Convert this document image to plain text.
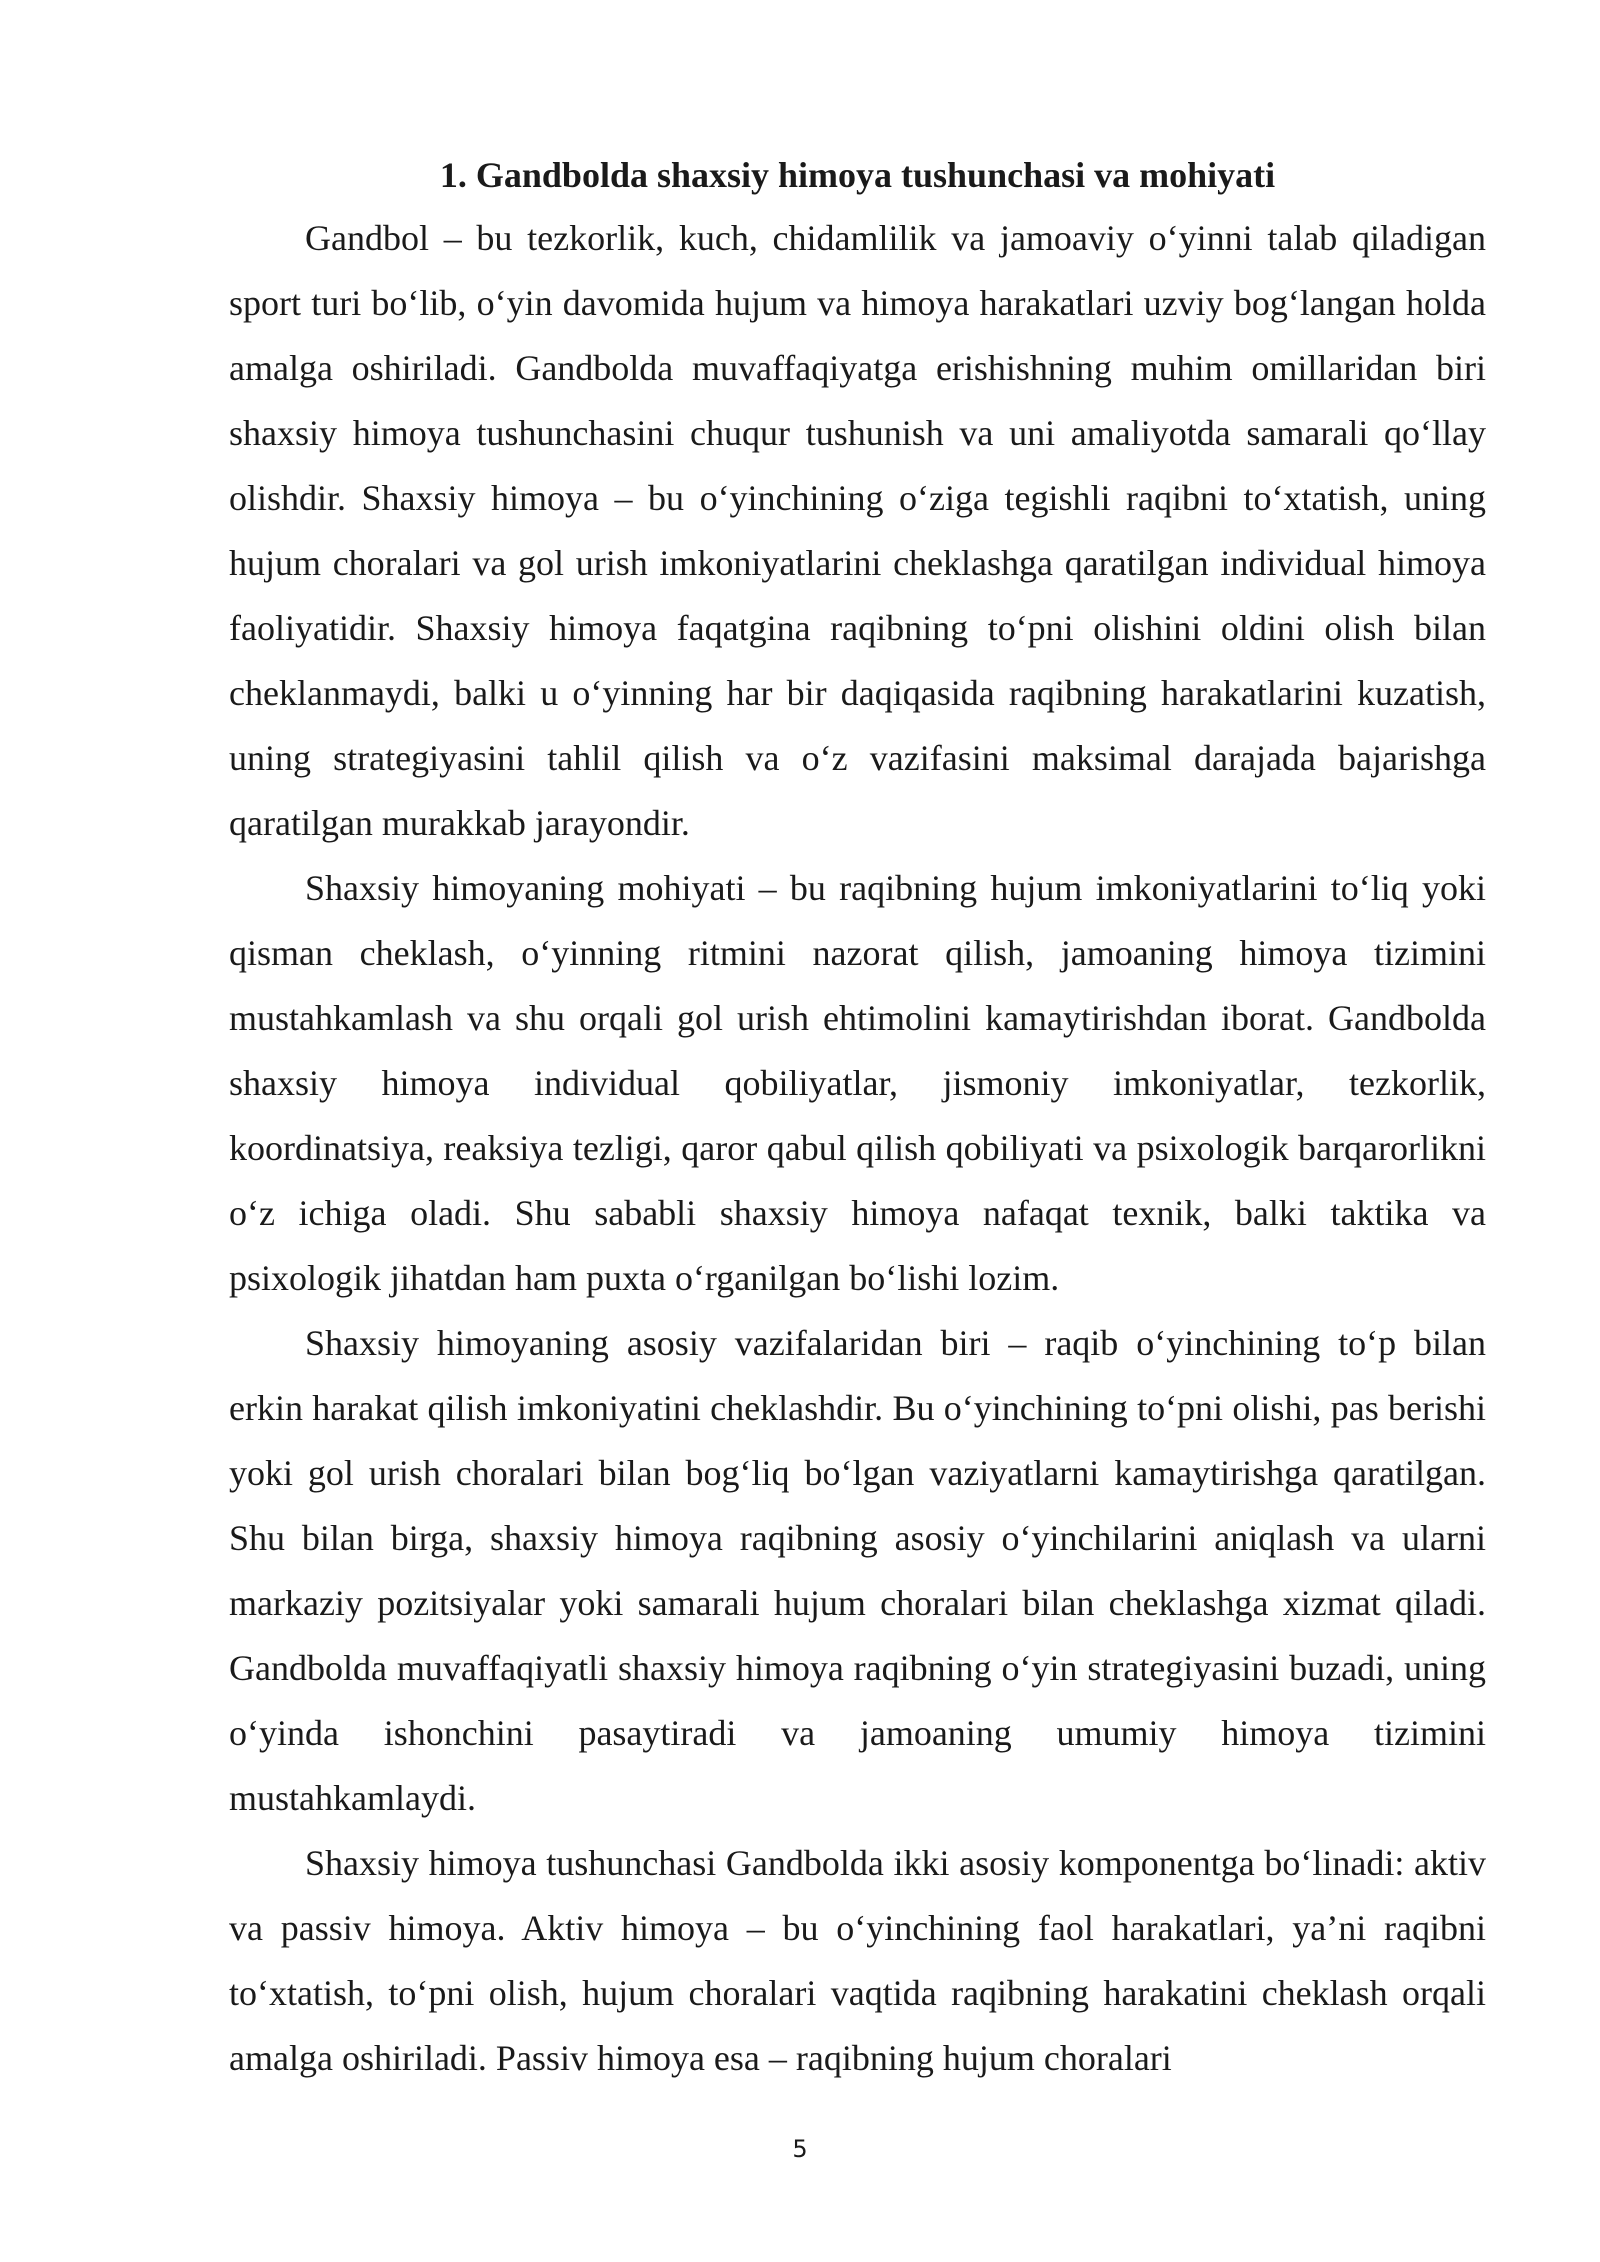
1. Gandbolda shaxsiy himoya tushunchasi va mohiyati

Gandbol – bu tezkorlik, kuch, chidamlilik va jamoaviy o‘yinni talab qiladigan sport turi bo‘lib, o‘yin davomida hujum va himoya harakatlari uzviy bog‘langan holda amalga oshiriladi. Gandbolda muvaffaqiyatga erishishning muhim omillaridan biri shaxsiy himoya tushunchasini chuqur tushunish va uni amaliyotda samarali qo‘llay olishdir. Shaxsiy himoya – bu o‘yinchining o‘ziga tegishli raqibni to‘xtatish, uning hujum choralari va gol urish imkoniyatlarini cheklashga qaratilgan individual himoya faoliyatidir. Shaxsiy himoya faqatgina raqibning to‘pni olishini oldini olish bilan cheklanmaydi, balki u o‘yinning har bir daqiqasida raqibning harakatlarini kuzatish, uning strategiyasini tahlil qilish va o‘z vazifasini maksimal darajada bajarishga qaratilgan murakkab jarayondir.

Shaxsiy himoyaning mohiyati – bu raqibning hujum imkoniyatlarini to‘liq yoki qisman cheklash, o‘yinning ritmini nazorat qilish, jamoaning himoya tizimini mustahkamlash va shu orqali gol urish ehtimolini kamaytirishdan iborat. Gandbolda shaxsiy himoya individual qobiliyatlar, jismoniy imkoniyatlar, tezkorlik, koordinatsiya, reaksiya tezligi, qaror qabul qilish qobiliyati va psixologik barqarorlikni o‘z ichiga oladi. Shu sababli shaxsiy himoya nafaqat texnik, balki taktika va psixologik jihatdan ham puxta o‘rganilgan bo‘lishi lozim.

Shaxsiy himoyaning asosiy vazifalaridan biri – raqib o‘yinchining to‘p bilan erkin harakat qilish imkoniyatini cheklashdir. Bu o‘yinchining to‘pni olishi, pas berishi yoki gol urish choralari bilan bog‘liq bo‘lgan vaziyatlarni kamaytirishga qaratilgan. Shu bilan birga, shaxsiy himoya raqibning asosiy o‘yinchilarini aniqlash va ularni markaziy pozitsiyalar yoki samarali hujum choralari bilan cheklashga xizmat qiladi. Gandbolda muvaffaqiyatli shaxsiy himoya raqibning o‘yin strategiyasini buzadi, uning o‘yinda ishonchini pasaytiradi va jamoaning umumiy himoya tizimini mustahkamlaydi.

Shaxsiy himoya tushunchasi Gandbolda ikki asosiy komponentga bo‘linadi: aktiv va passiv himoya. Aktiv himoya – bu o‘yinchining faol harakatlari, ya’ni raqibni to‘xtatish, to‘pni olish, hujum choralari vaqtida raqibning harakatini cheklash orqali amalga oshiriladi. Passiv himoya esa – raqibning hujum choralari

5
